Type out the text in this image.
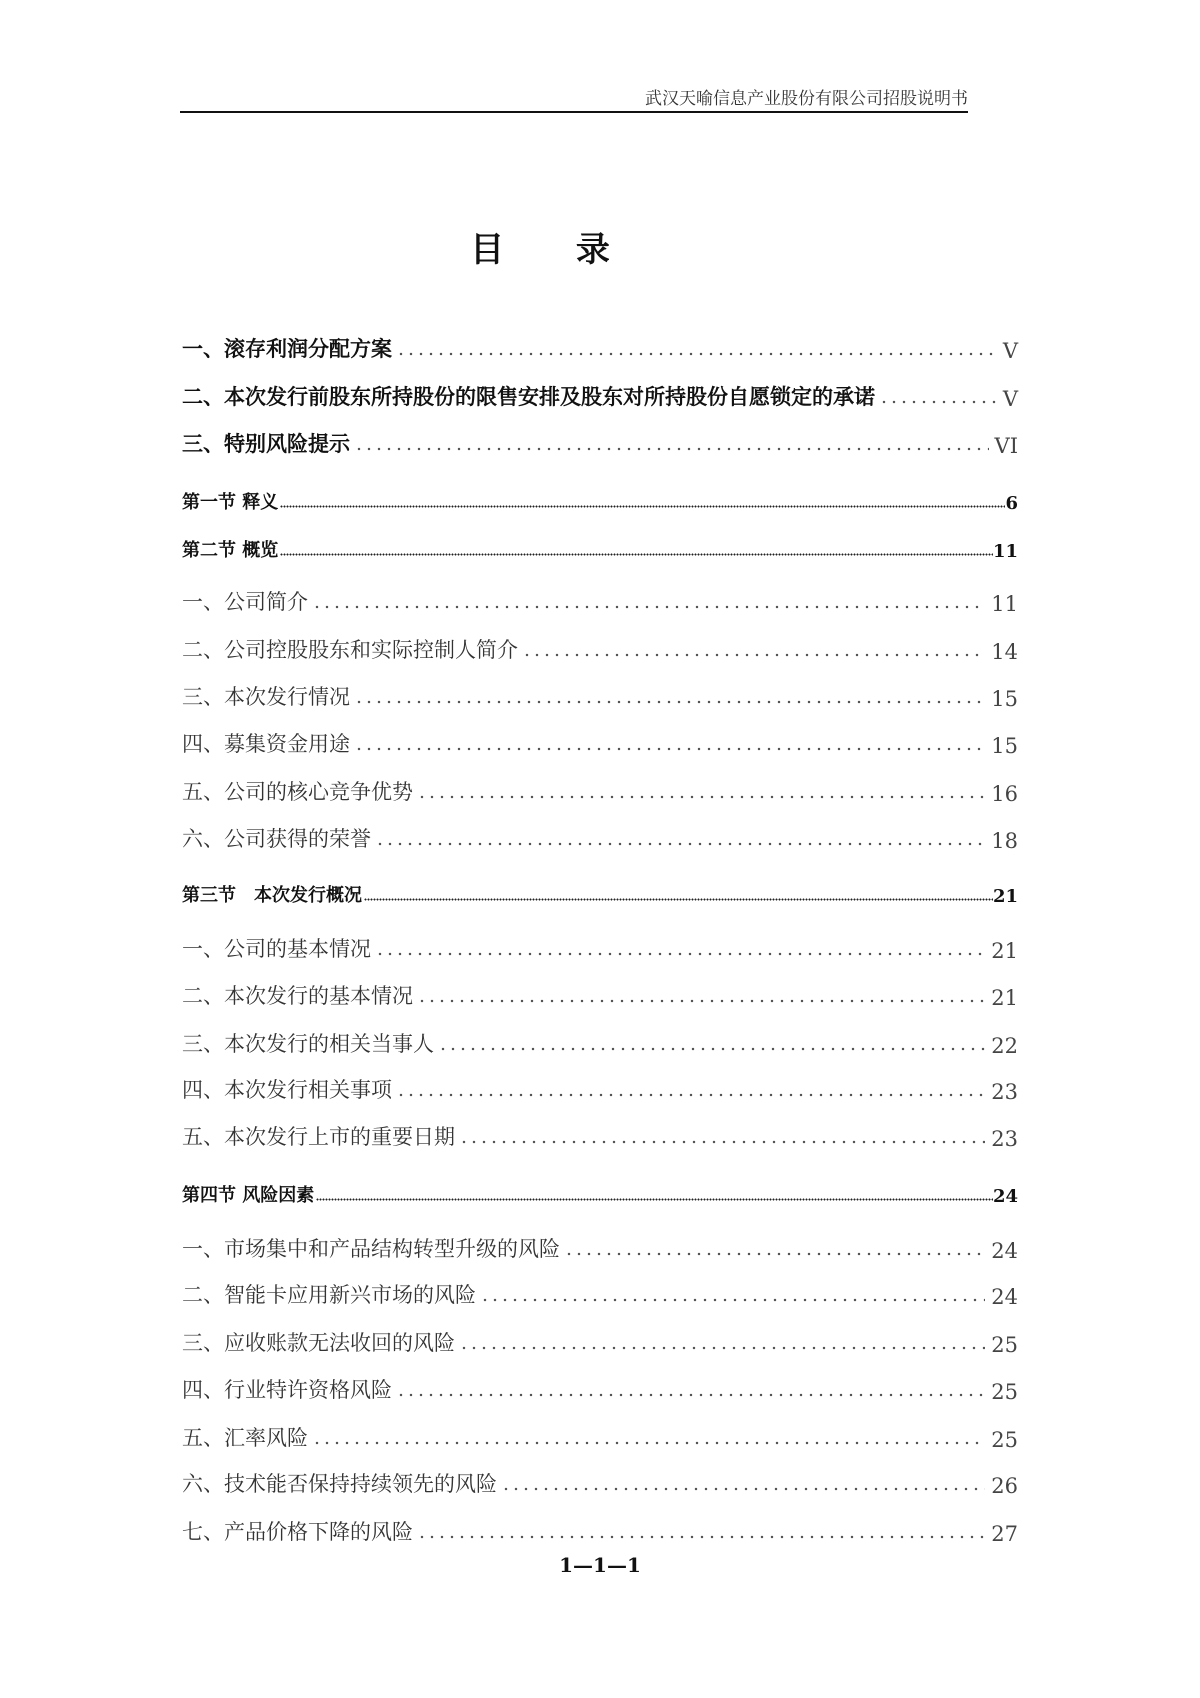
武汉天喻信息产业股份有限公司招股说明书
目 录
一、滚存利润分配方案	V
二、本次发行前股东所持股份的限售安排及股东对所持股份自愿锁定的承诺	V
三、特别风险提示	VI
第一节 释义	6
第二节 概览	11
一、公司简介	11
二、公司控股股东和实际控制人简介	14
三、本次发行情况	15
四、募集资金用途	15
五、公司的核心竞争优势	16
六、公司获得的荣誉	18
第三节　本次发行概况	21
一、公司的基本情况	21
二、本次发行的基本情况	21
三、本次发行的相关当事人	22
四、本次发行相关事项	23
五、本次发行上市的重要日期	23
第四节 风险因素	24
一、市场集中和产品结构转型升级的风险	24
二、智能卡应用新兴市场的风险	24
三、应收账款无法收回的风险	25
四、行业特许资格风险	25
五、汇率风险	25
六、技术能否保持持续领先的风险	26
七、产品价格下降的风险	27
1—1—1
